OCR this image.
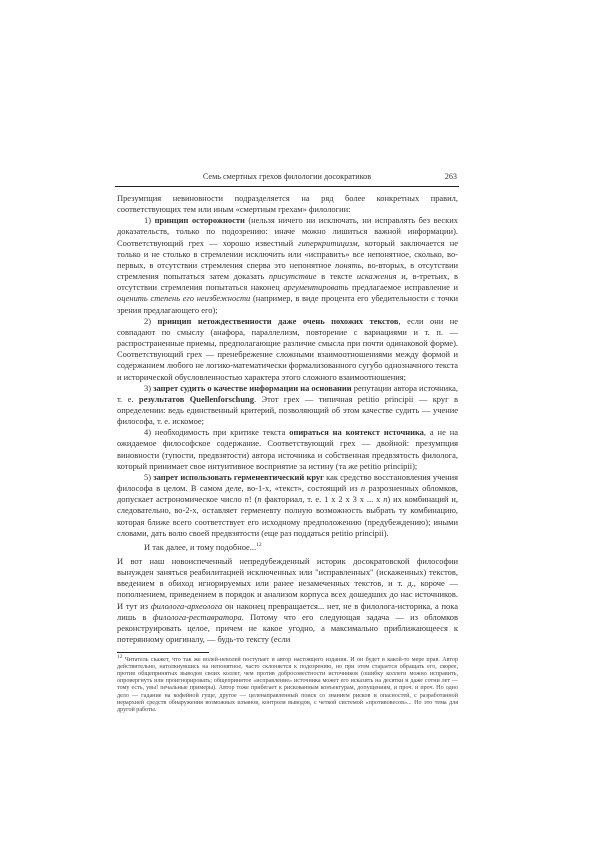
Семь смертных грехов филологии досократиков	263

Презумпция невиновности подразделяется на ряд более конкретных правил, соответствующих тем или иным «смертным грехам» филологии:

1) принцип осторожности (нельзя ничего ни исключать, ни исправлять без веских доказательств, только по подозрению: иначе можно лишиться важной информации). Соответствующий грех — хорошо известный гиперкритицизм, который заключается не только и не столько в стремлении исключить или «исправить» все непонятное, сколько, во-первых, в отсутствии стремления сперва это непонятное понять, во-вторых, в отсутствии стремления попытаться затем доказать присутствие в тексте искажения и, в-третьих, в отсутствии стремления попытаться наконец аргументировать предлагаемое исправление и оценить степень его неизбежности (например, в виде процента его убедительности с точки зрения предлагающего его);

2) принцип нетождественности даже очень похожих текстов, если они не совпадают по смыслу (анафора, параллелизм, повторение с вариациями и т. п. — распространенные приемы, предполагающие различие смысла при почти одинаковой форме). Соответствующий грех — пренебрежение сложными взаимоотношениями между формой и содержанием любого не логико-математически формализованного сугубо однозначного текста и исторической обусловленностью характера этого сложного взаимоотношения;

3) запрет судить о качестве информации на основании репутации автора источника, т. е. результатов Quellenforschung. Этот грех — типичная petitio principii — круг в определении: ведь единственный критерий, позволяющий об этом качестве судить — учение философа, т. е. искомое;

4) необходимость при критике текста опираться на контекст источника, а не на ожидаемое философское содержание. Соответствующий грех — двойной: презумпция виновности (тупости, предвзятости) автора источника и собственная предвзятость филолога, который принимает свое интуитивное восприятие за истину (та же petitio principii);

5) запрет использовать герменевтический круг как средство восстановления учения философа в целом. В самом деле, во-1-х, «текст», состоящий из n разрозненных обломков, допускает астрономическое число n! (n факториал, т. е. 1 x 2 x 3 x ... x n) их комбинаций и, следовательно, во-2-х, оставляет герменевту полную возможность выбрать ту комбинацию, которая ближе всего соответствует его исходному предположению (предубеждению); иными словами, дать волю своей предвзятости (еще раз поддаться petitio principii).

И так далее, и тому подобное...$^{12}$

И вот наш новоиспеченный непредубежденный историк досократовской философии вынужден заняться реабилитацией исключенных или "исправленных" (искаженных) текстов, введением в обиход игнорируемых или ранее незамеченных текстов, и т. д., короче — пополнением, приведением в порядок и анализом корпуса всех дошедших до нас источников. И тут из филолога-археолога он наконец превращается... нет, не в филолога-историка, а пока лишь в филолога-реставратора. Потому что его следующая задача — из обломков реконструировать целое, причем не какое угодно, а максимально приближающееся к потерянному оригиналу, — будь-то тексту (если

$^{12}$ Читатель скажет, что так же волей-неволей поступает и автор настоящего издания. И он будет в какой-то мере прав. Автор действительно, натолкнувшись на непонятное, часто склоняется к подозрению, но при этом старается обращать его, скорее, против общепринятых выводов своих коллег, чем против добросовестности источников (ошибку коллеги можно исправить, опровергнуть или проигнорировать; общепринятое «исправление» источника может его исказить на десятки и даже сотни лет — тому есть, увы! печальные примеры). Автор тоже прибегает к рискованным конъектурам, допущениям, и проч. и проч. Но одно дело — гадание на кофейной гуще, другое — целенаправленный поиск со знанием рисков и опасностей, с разработанной иерархией средств обнаружения возможных изъянов, контроля выводов, с четкой системой «противовесов»... Но это тема для другой работы.
